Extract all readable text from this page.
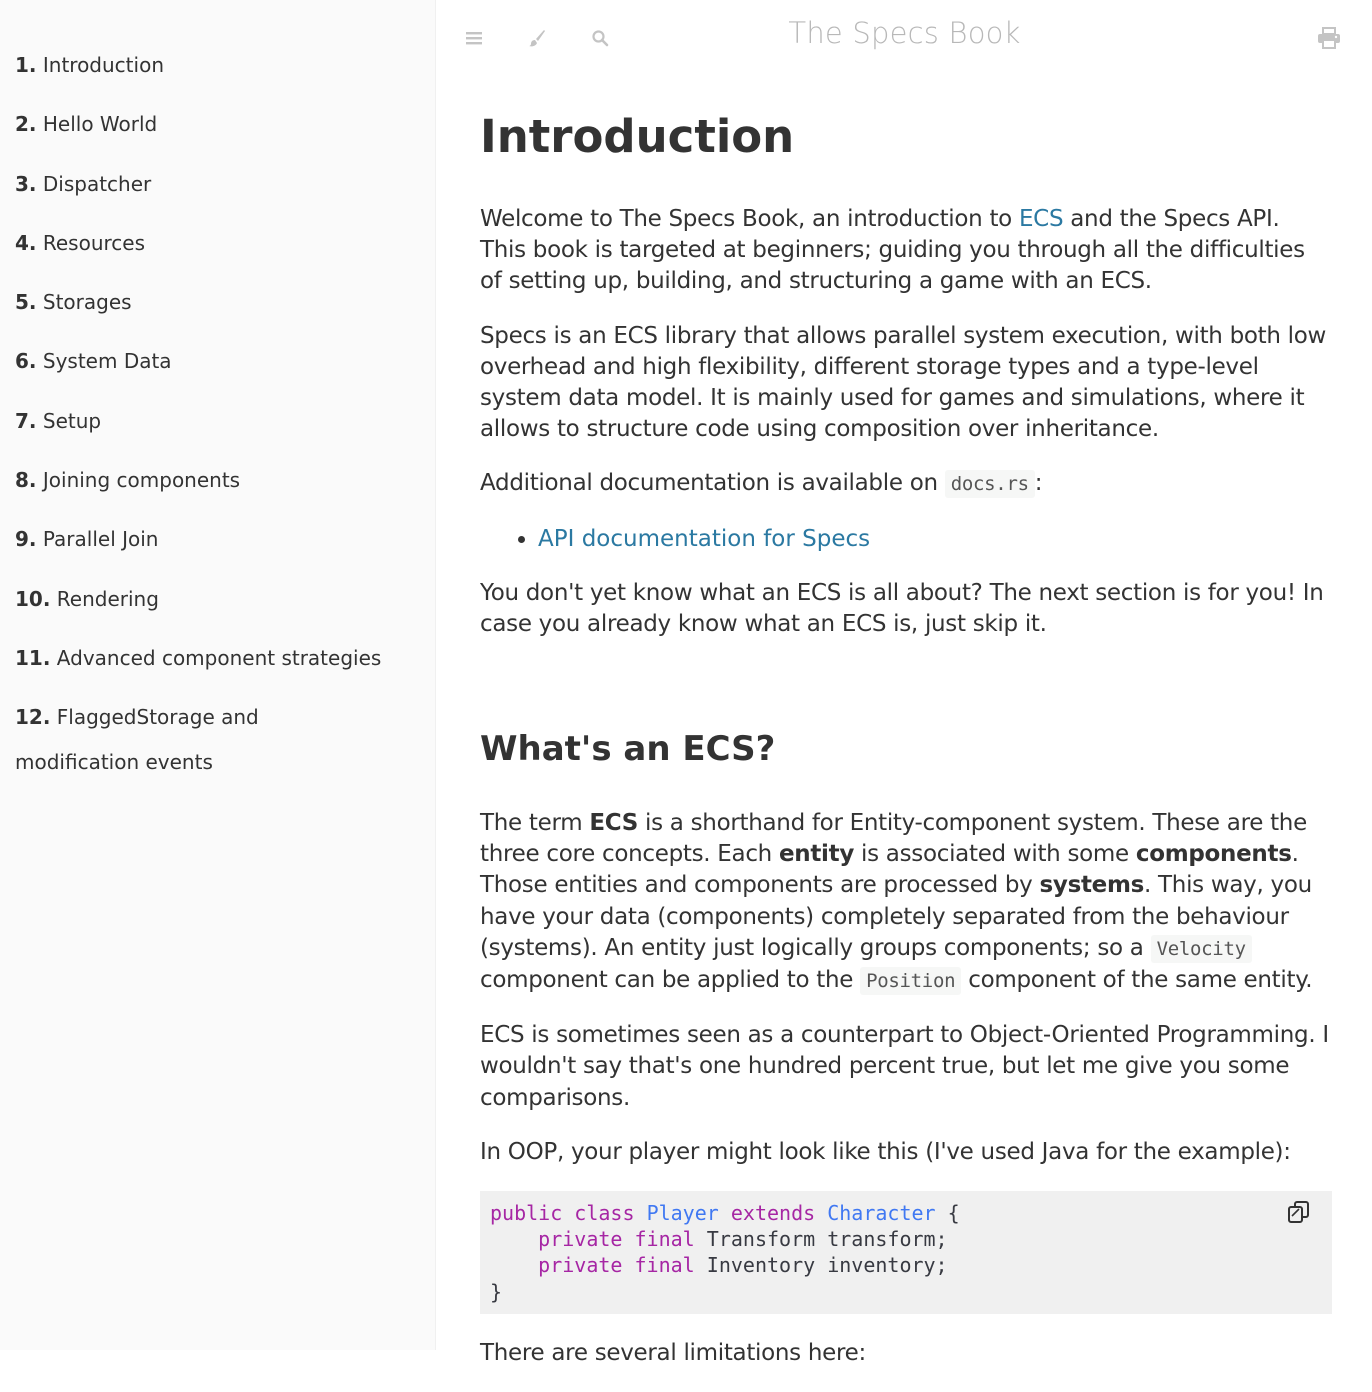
1. Introduction
2. Hello World
3. Dispatcher
4. Resources
5. Storages
6. System Data
7. Setup
8. Joining components
9. Parallel Join
10. Rendering
11. Advanced component strategies
12. FlaggedStorage and modification events
The Specs Book
Introduction

Welcome to The Specs Book, an introduction to ECS and the Specs API. This book is targeted at beginners; guiding you through all the difficulties of setting up, building, and structuring a game with an ECS.

Specs is an ECS library that allows parallel system execution, with both low overhead and high flexibility, different storage types and a type-level system data model. It is mainly used for games and simulations, where it allows to structure code using composition over inheritance.

Additional documentation is available on docs.rs :

• API documentation for Specs

You don't yet know what an ECS is all about? The next section is for you! In case you already know what an ECS is, just skip it.

What's an ECS?

The term ECS is a shorthand for Entity-component system. These are the three core concepts. Each entity is associated with some components. Those entities and components are processed by systems. This way, you have your data (components) completely separated from the behaviour (systems). An entity just logically groups components; so a Velocity component can be applied to the Position component of the same entity.

ECS is sometimes seen as a counterpart to Object-Oriented Programming. I wouldn't say that's one hundred percent true, but let me give you some comparisons.

In OOP, your player might look like this (I've used Java for the example):

public class Player extends Character {
private final Transform transform;
private final Inventory inventory;
}

There are several limitations here:
